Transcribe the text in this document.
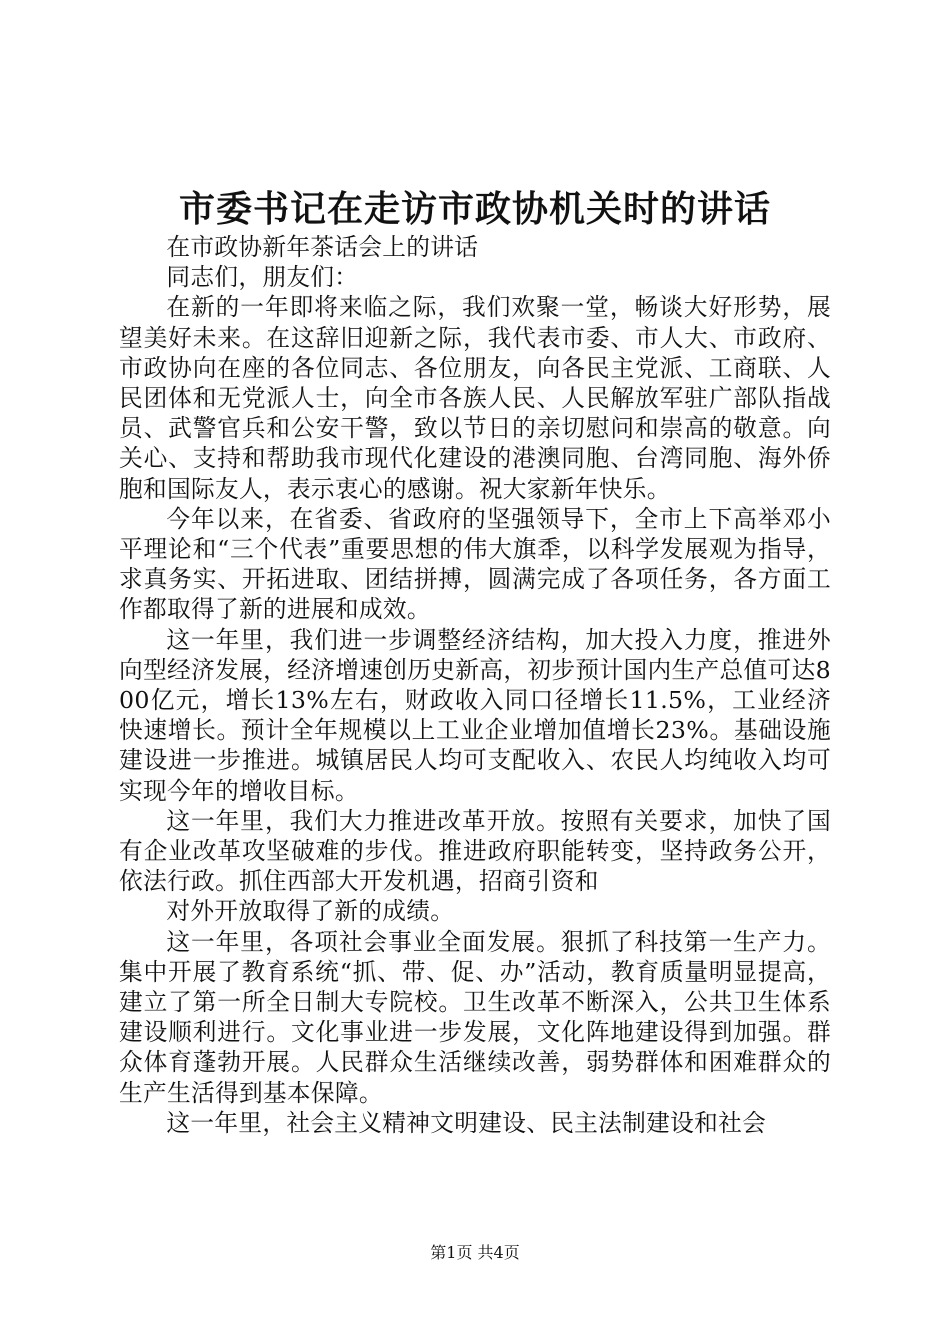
市委书记在走访市政协机关时的讲话

在市政协新年茶话会上的讲话

同志们，朋友们：

在新的一年即将来临之际，我们欢聚一堂，畅谈大好形势，展望美好未来。在这辞旧迎新之际，我代表市委、市人大、市政府、市政协向在座的各位同志、各位朋友，向各民主党派、工商联、人民团体和无党派人士，向全市各族人民、人民解放军驻广部队指战员、武警官兵和公安干警，致以节日的亲切慰问和崇高的敬意。向关心、支持和帮助我市现代化建设的港澳同胞、台湾同胞、海外侨胞和国际友人，表示衷心的感谢。祝大家新年快乐。

今年以来，在省委、省政府的坚强领导下，全市上下高举邓小平理论和“三个代表”重要思想的伟大旗䄵，以科学发展观为指导，求真务实、开拓进取、团结拼搏，圆满完成了各项任务，各方面工作都取得了新的进展和成效。

这一年里，我们进一步调整经济结构，加大投入力度，推进外向型经济发展，经济增速创历史新高，初步预计国内生产总值可达800亿元，增长13%左右，财政收入同口径增长11.5%，工业经济快速增长。预计全年规模以上工业企业增加值增长23%。基础设施建设进一步推进。城镇居民人均可支配收入、农民人均纯收入均可实现今年的增收目标。

这一年里，我们大力推进改革开放。按照有关要求，加快了国有企业改革攻坚破难的步伐。推进政府职能转变，坚持政务公开，依法行政。抓住西部大开发机遇，招商引资和

对外开放取得了新的成绩。

这一年里，各项社会事业全面发展。狠抓了科技第一生产力。集中开展了教育系统“抓、带、促、办”活动，教育质量明显提高，建立了第一所全日制大专院校。卫生改革不断深入，公共卫生体系建设顺利进行。文化事业进一步发展，文化阵地建设得到加强。群众体育蓬勃开展。人民群众生活继续改善，弱势群体和困难群众的生产生活得到基本保障。

这一年里，社会主义精神文明建设、民主法制建设和社会

第1页 共4页
